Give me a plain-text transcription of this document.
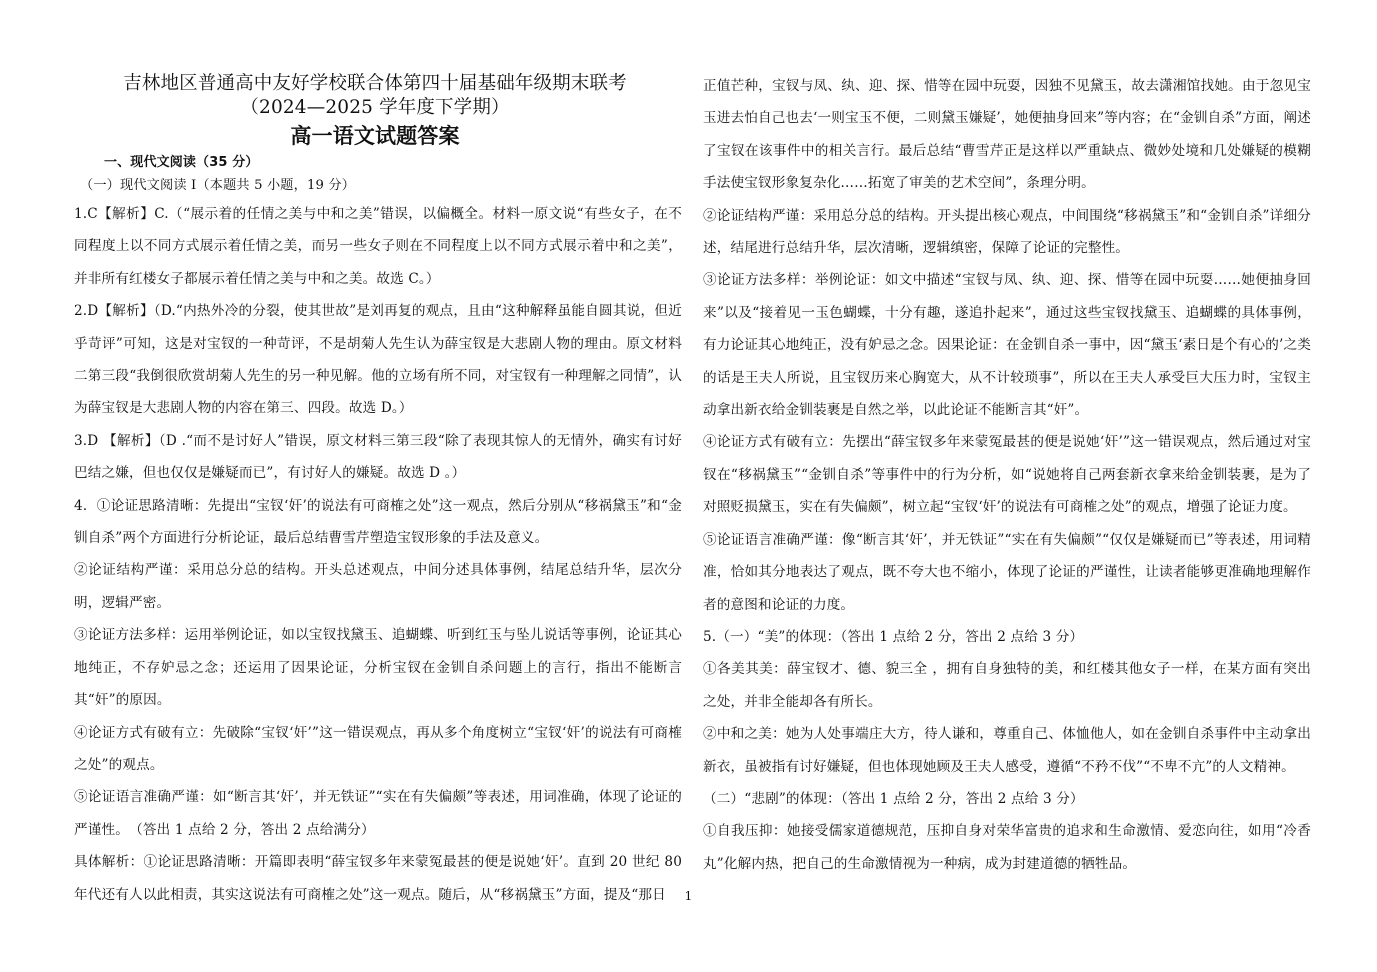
吉林地区普通高中友好学校联合体第四十届基础年级期末联考
（2024—2025 学年度下学期）
高一语文试题答案
一、现代文阅读（35 分）
（一）现代文阅读 I（本题共 5 小题，19 分）

1.C【解析】C.（“展示着的任情之美与中和之美”错误，以偏概全。材料一原文说“有些女子，在不同程度上以不同方式展示着任情之美，而另一些女子则在不同程度上以不同方式展示着中和之美”，并非所有红楼女子都展示着任情之美与中和之美。故选 C。）

2.D【解析】（D.“内热外冷的分裂，使其世故”是刘再复的观点，且由“这种解释虽能自圆其说，但近乎苛评”可知，这是对宝钗的一种苛评，不是胡菊人先生认为薛宝钗是大悲剧人物的理由。原文材料二第三段“我倒很欣赏胡菊人先生的另一种见解。他的立场有所不同，对宝钗有一种理解之同情”，认为薛宝钗是大悲剧人物的内容在第三、四段。故选 D。）

3.D 【解析】（D .“而不是讨好人”错误，原文材料三第三段“除了表现其惊人的无情外，确实有讨好巴结之嫌，但也仅仅是嫌疑而已”，有讨好人的嫌疑。故选 D 。）

4．①论证思路清晰：先提出“宝钗‘奸’的说法有可商榷之处”这一观点，然后分别从“移祸黛玉”和“金钏自杀”两个方面进行分析论证，最后总结曹雪芹塑造宝钗形象的手法及意义。

②论证结构严谨：采用总分总的结构。开头总述观点，中间分述具体事例，结尾总结升华，层次分明，逻辑严密。

③论证方法多样：运用举例论证，如以宝钗找黛玉、追蝴蝶、听到红玉与坠儿说话等事例，论证其心地纯正，不存妒忌之念；还运用了因果论证，分析宝钗在金钏自杀问题上的言行，指出不能断言其“奸”的原因。

④论证方式有破有立：先破除“宝钗‘奸’”这一错误观点，再从多个角度树立“宝钗‘奸’的说法有可商榷之处”的观点。

⑤论证语言准确严谨：如“断言其‘奸’，并无铁证”“实在有失偏颇”等表述，用词准确，体现了论证的严谨性。　（答出 1 点给 2 分，答出 2 点给满分）

具体解析：①论证思路清晰：开篇即表明“薛宝钗多年来蒙冤最甚的便是说她‘奸’。直到 20 世纪 80 年代还有人以此相责，其实这说法有可商榷之处”这一观点。随后，从“移祸黛玉”方面，提及“那日

正值芒种，宝钗与凤、纨、迎、探、惜等在园中玩耍，因独不见黛玉，故去潇湘馆找她。由于忽见宝玉进去怕自己也去‘一则宝玉不便，二则黛玉嫌疑’，她便抽身回来”等内容；在“金钏自杀”方面，阐述了宝钗在该事件中的相关言行。最后总结“曹雪芹正是这样以严重缺点、微妙处境和几处嫌疑的模糊手法使宝钗形象复杂化……拓宽了审美的艺术空间”，条理分明。

②论证结构严谨：采用总分总的结构。开头提出核心观点，中间围绕“移祸黛玉”和“金钏自杀”详细分述，结尾进行总结升华，层次清晰，逻辑缜密，保障了论证的完整性。

③论证方法多样：举例论证：如文中描述“宝钗与凤、纨、迎、探、惜等在园中玩耍……她便抽身回来”以及“接着见一玉色蝴蝶，十分有趣，遂追扑起来”，通过这些宝钗找黛玉、追蝴蝶的具体事例，有力论证其心地纯正，没有妒忌之念。因果论证：在金钏自杀一事中，因“黛玉‘素日是个有心的’之类的话是王夫人所说，且宝钗历来心胸宽大，从不计较琐事”，所以在王夫人承受巨大压力时，宝钗主动拿出新衣给金钏装裹是自然之举，以此论证不能断言其“奸”。

④论证方式有破有立：先摆出“薛宝钗多年来蒙冤最甚的便是说她‘奸’”这一错误观点，然后通过对宝钗在“移祸黛玉”“金钏自杀”等事件中的行为分析，如“说她将自己两套新衣拿来给金钏装裹，是为了对照贬损黛玉，实在有失偏颇”，树立起“宝钗‘奸’的说法有可商榷之处”的观点，增强了论证力度。

⑤论证语言准确严谨：像“断言其‘奸’，并无铁证”“实在有失偏颇”“仅仅是嫌疑而已”等表述，用词精准，恰如其分地表达了观点，既不夸大也不缩小，体现了论证的严谨性，让读者能够更准确地理解作者的意图和论证的力度。

5.（一）“美”的体现：（答出 1 点给 2 分，答出 2 点给 3 分）

①各美其美：薛宝钗才、德、貌三全 ，拥有自身独特的美，和红楼其他女子一样，在某方面有突出之处，并非全能却各有所长。

②中和之美：她为人处事端庄大方，待人谦和，尊重自己、体恤他人，如在金钏自杀事件中主动拿出新衣，虽被指有讨好嫌疑，但也体现她顾及王夫人感受，遵循“不矜不伐”“不卑不亢”的人文精神。

（二）“悲剧”的体现：（答出 1 点给 2 分，答出 2 点给 3 分）

①自我压抑：她接受儒家道德规范，压抑自身对荣华富贵的追求和生命激情、爱恋向往，如用“冷香丸”化解内热，把自己的生命激情视为一种病，成为封建道德的牺牲品。

1
